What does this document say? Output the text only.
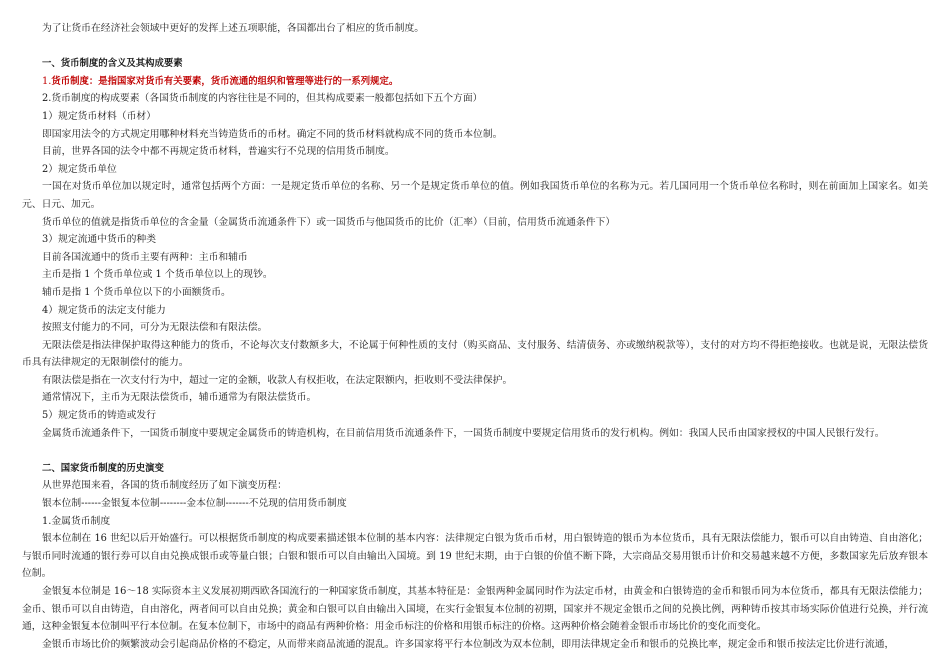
为了让货币在经济社会领域中更好的发挥上述五项职能，各国都出台了相应的货币制度。

一、货币制度的含义及其构成要素

1.货币制度：是指国家对货币有关要素，货币流通的组织和管理等进行的一系列规定。

2.货币制度的构成要素（各国货币制度的内容往往是不同的，但其构成要素一般都包括如下五个方面）

1）规定货币材料（币材）

即国家用法令的方式规定用哪种材料充当铸造货币的币材。确定不同的货币材料就构成不同的货币本位制。

目前，世界各国的法令中都不再规定货币材料，普遍实行不兑现的信用货币制度。

2）规定货币单位

一国在对货币单位加以规定时，通常包括两个方面：一是规定货币单位的名称、另一个是规定货币单位的值。例如我国货币单位的名称为元。若几国同用一个货币单位名称时，则在前面加上国家名。如美元、日元、加元。

货币单位的值就是指货币单位的含金量（金属货币流通条件下）或一国货币与他国货币的比价（汇率）（目前，信用货币流通条件下）

3）规定流通中货币的种类

目前各国流通中的货币主要有两种：主币和辅币

主币是指 1 个货币单位或 1 个货币单位以上的现钞。

辅币是指 1 个货币单位以下的小面额货币。

4）规定货币的法定支付能力

按照支付能力的不同，可分为无限法偿和有限法偿。

无限法偿是指法律保护取得这种能力的货币，不论每次支付数额多大，不论属于何种性质的支付（购买商品、支付服务、结清债务、亦或缴纳税款等），支付的对方均不得拒绝接收。也就是说，无限法偿货币具有法律规定的无限制偿付的能力。

有限法偿是指在一次支付行为中，超过一定的金额，收款人有权拒收，在法定限额内，拒收则不受法律保护。

通常情况下，主币为无限法偿货币，辅币通常为有限法偿货币。

5）规定货币的铸造或发行

金属货币流通条件下，一国货币制度中要规定金属货币的铸造机构，在目前信用货币流通条件下，一国货币制度中要规定信用货币的发行机构。例如：我国人民币由国家授权的中国人民银行发行。

二、国家货币制度的历史演变

从世界范围来看，各国的货币制度经历了如下演变历程：

银本位制------金银复本位制--------金本位制-------不兑现的信用货币制度

1.金属货币制度

银本位制在 16 世纪以后开始盛行。可以根据货币制度的构成要素描述银本位制的基本内容：法律规定白银为货币币材，用白银铸造的银币为本位货币，具有无限法偿能力，银币可以自由铸造、自由溶化；与银币同时流通的银行券可以自由兑换成银币或等量白银；白银和银币可以自由输出入国境。到 19 世纪末期，由于白银的价值不断下降，大宗商品交易用银币计价和交易越来越不方便，多数国家先后放弃银本位制。

金银复本位制是 16～18 实际资本主义发展初期西欧各国流行的一种国家货币制度，其基本特征是：金银两种金属同时作为法定币材，由黄金和白银铸造的金币和银币同为本位货币，都具有无限法偿能力；金币、银币可以自由铸造，自由溶化，两者间可以自由兑换；黄金和白银可以自由输出入国境，在实行金银复本位制的初期，国家并不规定金银币之间的兑换比例，两种铸币按其市场实际价值进行兑换，并行流通，这种金银复本位制叫平行本位制。在复本位制下，市场中的商品有两种价格：用金币标注的价格和用银币标注的价格。这两种价格会随着金银币市场比价的变化而变化。

金银币市场比价的频繁波动会引起商品价格的不稳定，从而带来商品流通的混乱。许多国家将平行本位制改为双本位制，即用法律规定金币和银币的兑换比率，规定金币和银币按法定比价进行流通，
